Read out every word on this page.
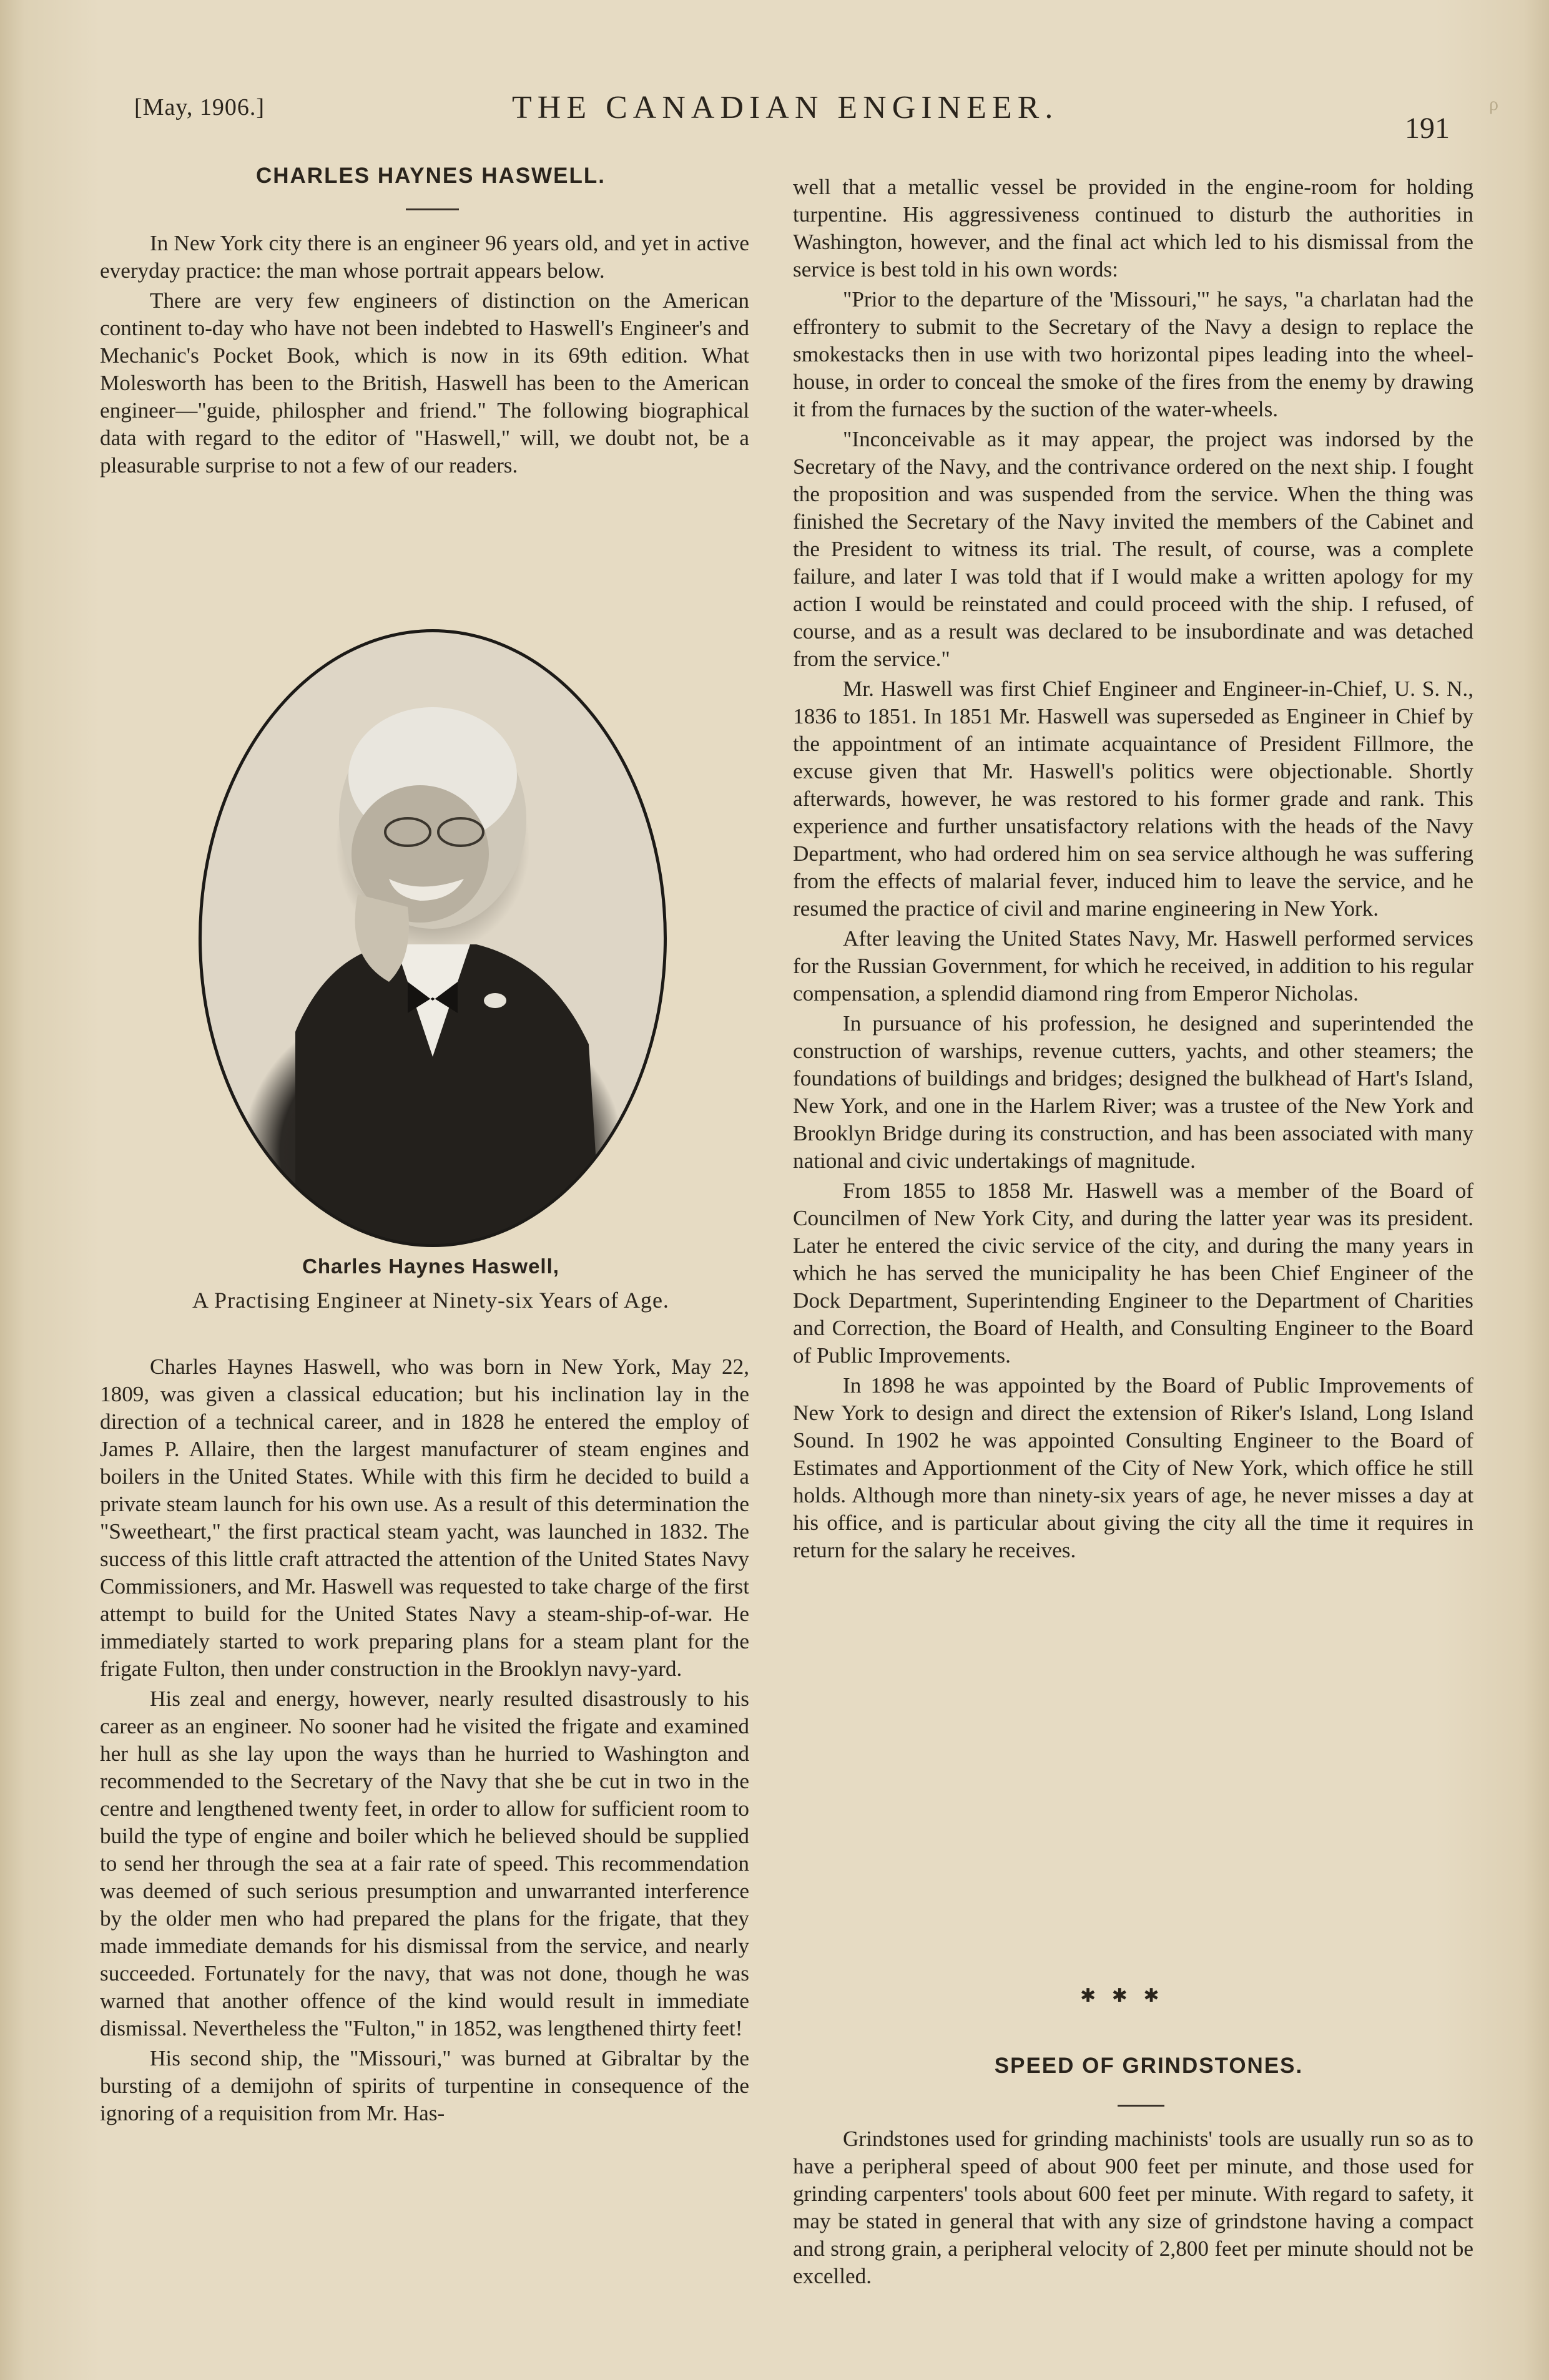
[May, 1906.]	THE CANADIAN ENGINEER.
191
ρ
CHARLES HAYNES HASWELL.

In New York city there is an engineer 96 years old, and yet in active everyday practice: the man whose portrait appears below.

There are very few engineers of distinction on the American continent to-day who have not been indebted to Haswell's Engineer's and Mechanic's Pocket Book, which is now in its 69th edition. What Molesworth has been to the British, Haswell has been to the American engineer—"guide, philospher and friend." The following biographical data with regard to the editor of "Haswell," will, we doubt not, be a pleasurable surprise to not a few of our readers.

Charles Haynes Haswell,
A Practising Engineer at Ninety-six Years of Age.

Charles Haynes Haswell, who was born in New York, May 22, 1809, was given a classical education; but his inclination lay in the direction of a technical career, and in 1828 he entered the employ of James P. Allaire, then the largest manufacturer of steam engines and boilers in the United States. While with this firm he decided to build a private steam launch for his own use. As a result of this determination the "Sweetheart," the first practical steam yacht, was launched in 1832. The success of this little craft attracted the attention of the United States Navy Commissioners, and Mr. Haswell was requested to take charge of the first attempt to build for the United States Navy a steam-ship-of-war. He immediately started to work preparing plans for a steam plant for the frigate Fulton, then under construction in the Brooklyn navy-yard.

His zeal and energy, however, nearly resulted disastrously to his career as an engineer. No sooner had he visited the frigate and examined her hull as she lay upon the ways than he hurried to Washington and recommended to the Secretary of the Navy that she be cut in two in the centre and lengthened twenty feet, in order to allow for sufficient room to build the type of engine and boiler which he believed should be supplied to send her through the sea at a fair rate of speed. This recommendation was deemed of such serious presumption and unwarranted interference by the older men who had prepared the plans for the frigate, that they made immediate demands for his dismissal from the service, and nearly succeeded. Fortunately for the navy, that was not done, though he was warned that another offence of the kind would result in immediate dismissal. Nevertheless the "Fulton," in 1852, was lengthened thirty feet!

His second ship, the "Missouri," was burned at Gibraltar by the bursting of a demijohn of spirits of turpentine in consequence of the ignoring of a requisition from Mr. Has-

well that a metallic vessel be provided in the engine-room for holding turpentine. His aggressiveness continued to disturb the authorities in Washington, however, and the final act which led to his dismissal from the service is best told in his own words:

"Prior to the departure of the 'Missouri,'" he says, "a charlatan had the effrontery to submit to the Secretary of the Navy a design to replace the smokestacks then in use with two horizontal pipes leading into the wheel-house, in order to conceal the smoke of the fires from the enemy by drawing it from the furnaces by the suction of the water-wheels.

"Inconceivable as it may appear, the project was indorsed by the Secretary of the Navy, and the contrivance ordered on the next ship. I fought the proposition and was suspended from the service. When the thing was finished the Secretary of the Navy invited the members of the Cabinet and the President to witness its trial. The result, of course, was a complete failure, and later I was told that if I would make a written apology for my action I would be reinstated and could proceed with the ship. I refused, of course, and as a result was declared to be insubordinate and was detached from the service."

Mr. Haswell was first Chief Engineer and Engineer-in-Chief, U. S. N., 1836 to 1851. In 1851 Mr. Haswell was superseded as Engineer in Chief by the appointment of an intimate acquaintance of President Fillmore, the excuse given that Mr. Haswell's politics were objectionable. Shortly afterwards, however, he was restored to his former grade and rank. This experience and further unsatisfactory relations with the heads of the Navy Department, who had ordered him on sea service although he was suffering from the effects of malarial fever, induced him to leave the service, and he resumed the practice of civil and marine engineering in New York.

After leaving the United States Navy, Mr. Haswell performed services for the Russian Government, for which he received, in addition to his regular compensation, a splendid diamond ring from Emperor Nicholas.

In pursuance of his profession, he designed and superintended the construction of warships, revenue cutters, yachts, and other steamers; the foundations of buildings and bridges; designed the bulkhead of Hart's Island, New York, and one in the Harlem River; was a trustee of the New York and Brooklyn Bridge during its construction, and has been associated with many national and civic undertakings of magnitude.

From 1855 to 1858 Mr. Haswell was a member of the Board of Councilmen of New York City, and during the latter year was its president. Later he entered the civic service of the city, and during the many years in which he has served the municipality he has been Chief Engineer of the Dock Department, Superintending Engineer to the Department of Charities and Correction, the Board of Health, and Consulting Engineer to the Board of Public Improvements.

In 1898 he was appointed by the Board of Public Improvements of New York to design and direct the extension of Riker's Island, Long Island Sound. In 1902 he was appointed Consulting Engineer to the Board of Estimates and Apportionment of the City of New York, which office he still holds. Although more than ninety-six years of age, he never misses a day at his office, and is particular about giving the city all the time it requires in return for the salary he receives.

✱ ✱ ✱
SPEED OF GRINDSTONES.

Grindstones used for grinding machinists' tools are usually run so as to have a peripheral speed of about 900 feet per minute, and those used for grinding carpenters' tools about 600 feet per minute. With regard to safety, it may be stated in general that with any size of grindstone having a compact and strong grain, a peripheral velocity of 2,800 feet per minute should not be excelled.
